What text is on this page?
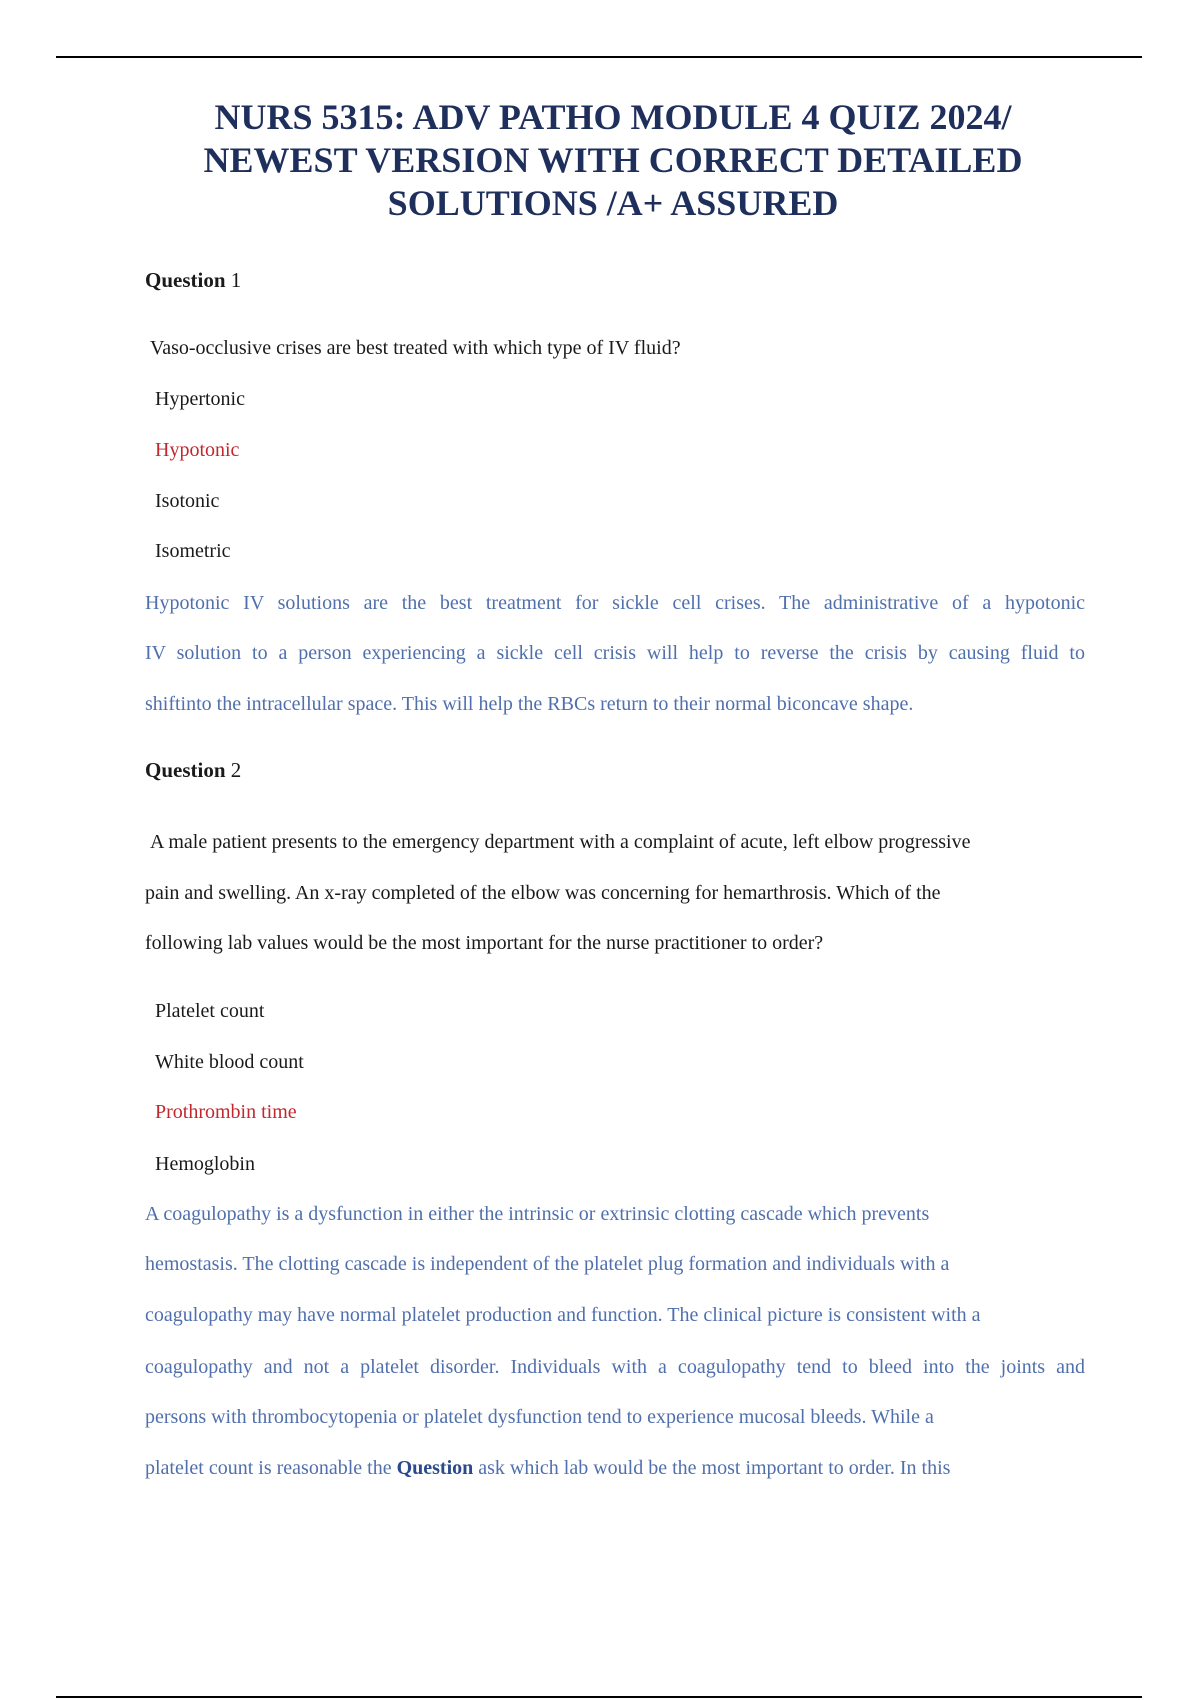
NURS 5315: ADV PATHO MODULE 4 QUIZ 2024/
NEWEST VERSION WITH CORRECT DETAILED
SOLUTIONS /A+ ASSURED
Question 1
Vaso-occlusive crises are best treated with which type of IV fluid?
Hypertonic
Hypotonic
Isotonic
Isometric
Hypotonic IV solutions are the best treatment for sickle cell crises. The administrative of a hypotonic
IV solution to a person experiencing a sickle cell crisis will help to reverse the crisis by causing fluid to
shiftinto the intracellular space. This will help the RBCs return to their normal biconcave shape.
Question 2
A male patient presents to the emergency department with a complaint of acute, left elbow progressive
pain and swelling. An x-ray completed of the elbow was concerning for hemarthrosis. Which of the
following lab values would be the most important for the nurse practitioner to order?
Platelet count
White blood count
Prothrombin time
Hemoglobin
A coagulopathy is a dysfunction in either the intrinsic or extrinsic clotting cascade which prevents
hemostasis. The clotting cascade is independent of the platelet plug formation and individuals with a
coagulopathy may have normal platelet production and function. The clinical picture is consistent with a
coagulopathy and not a platelet disorder. Individuals with a coagulopathy tend to bleed into the joints and
persons with thrombocytopenia or platelet dysfunction tend to experience mucosal bleeds. While a
platelet count is reasonable the Question ask which lab would be the most important to order. In this
